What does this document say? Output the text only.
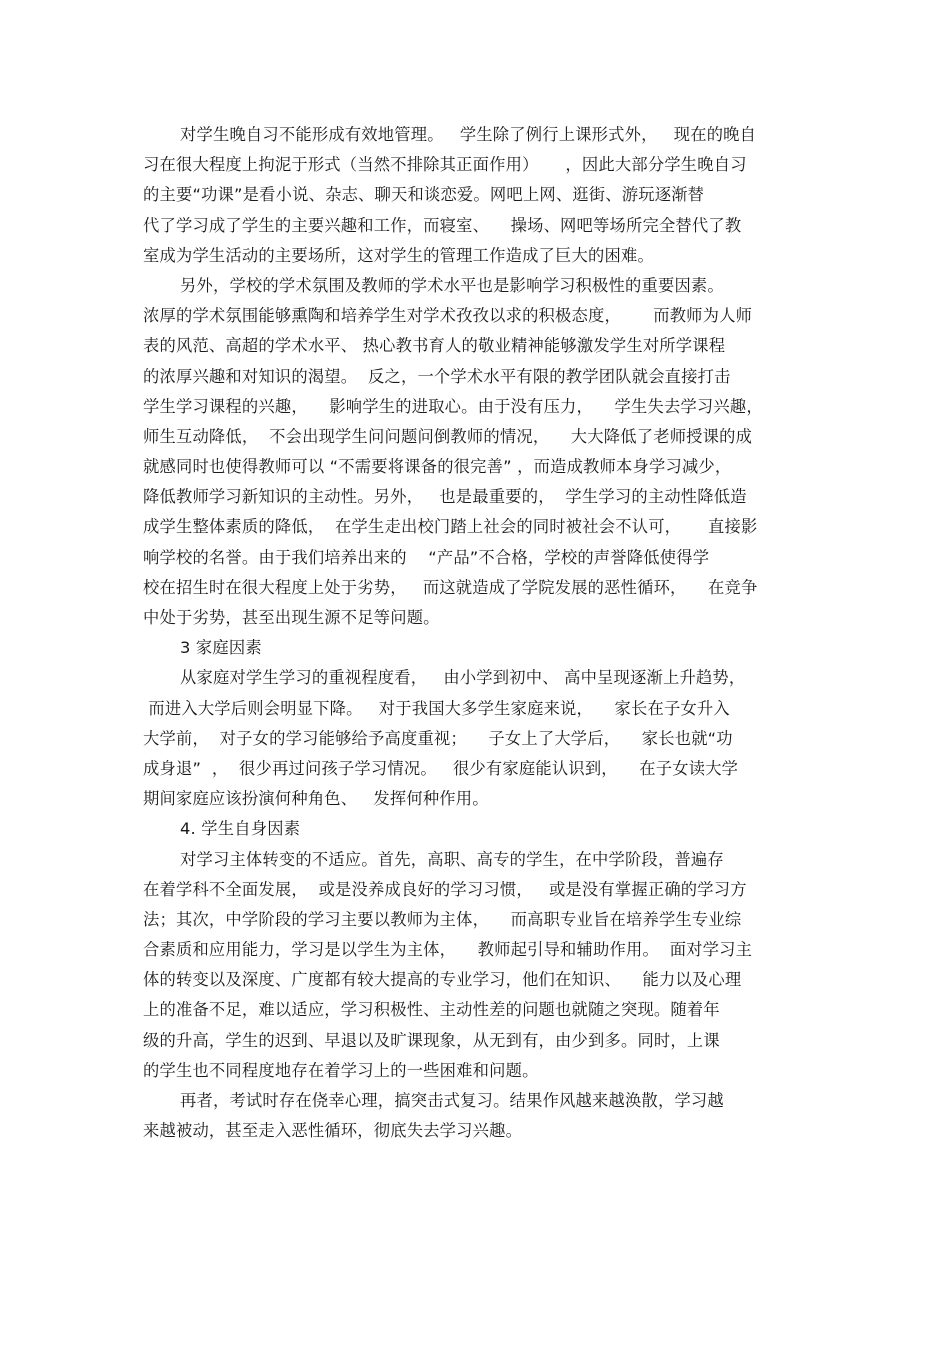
对学生晚自习不能形成有效地管理。   学生除了例行上课形式外，   现在的晚自
习在很大程度上拘泥于形式（当然不排除其正面作用）     ，因此大部分学生晚自习
的主要“功课”是看小说、杂志、聊天和谈恋爱。网吧上网、逛街、游玩逐渐替
代了学习成了学生的主要兴趣和工作，而寝室、    操场、网吧等场所完全替代了教
室成为学生活动的主要场所，这对学生的管理工作造成了巨大的困难。
另外，学校的学术氛围及教师的学术水平也是影响学习积极性的重要因素。
浓厚的学术氛围能够熏陶和培养学生对学术孜孜以求的积极态度，      而教师为人师
表的风范、高超的学术水平、 热心教书育人的敬业精神能够激发学生对所学课程
的浓厚兴趣和对知识的渴望。  反之，一个学术水平有限的教学团队就会直接打击
学生学习课程的兴趣，    影响学生的进取心。由于没有压力，    学生失去学习兴趣，
师生互动降低，  不会出现学生问问题问倒教师的情况，    大大降低了老师授课的成
就感同时也使得教师可以 “不需要将课备的很完善” ，而造成教师本身学习减少，
降低教师学习新知识的主动性。另外，   也是最重要的，  学生学习的主动性降低造
成学生整体素质的降低，  在学生走出校门踏上社会的同时被社会不认可，     直接影
响学校的名誉。由于我们培养出来的    “产品”不合格，学校的声誉降低使得学
校在招生时在很大程度上处于劣势，   而这就造成了学院发展的恶性循环，    在竞争
中处于劣势，甚至出现生源不足等问题。
3 家庭因素
从家庭对学生学习的重视程度看，   由小学到初中、 高中呈现逐渐上升趋势，
而进入大学后则会明显下降。   对于我国大多学生家庭来说，    家长在子女升入
大学前，  对子女的学习能够给予高度重视；    子女上了大学后，    家长也就“功
成身退”  ，  很少再过问孩子学习情况。   很少有家庭能认识到，    在子女读大学
期间家庭应该扮演何种角色、   发挥何种作用。
4. 学生自身因素
对学习主体转变的不适应。首先，高职、高专的学生，在中学阶段，普遍存
在着学科不全面发展，  或是没养成良好的学习习惯，   或是没有掌握正确的学习方
法；其次，中学阶段的学习主要以教师为主体，    而高职专业旨在培养学生专业综
合素质和应用能力，学习是以学生为主体，    教师起引导和辅助作用。  面对学习主
体的转变以及深度、广度都有较大提高的专业学习，他们在知识、    能力以及心理
上的准备不足，难以适应，学习积极性、主动性差的问题也就随之突现。随着年
级的升高，学生的迟到、早退以及旷课现象，从无到有，由少到多。同时，上课
的学生也不同程度地存在着学习上的一些困难和问题。
再者，考试时存在侥幸心理，搞突击式复习。结果作风越来越涣散，学习越
来越被动，甚至走入恶性循环，彻底失去学习兴趣。
